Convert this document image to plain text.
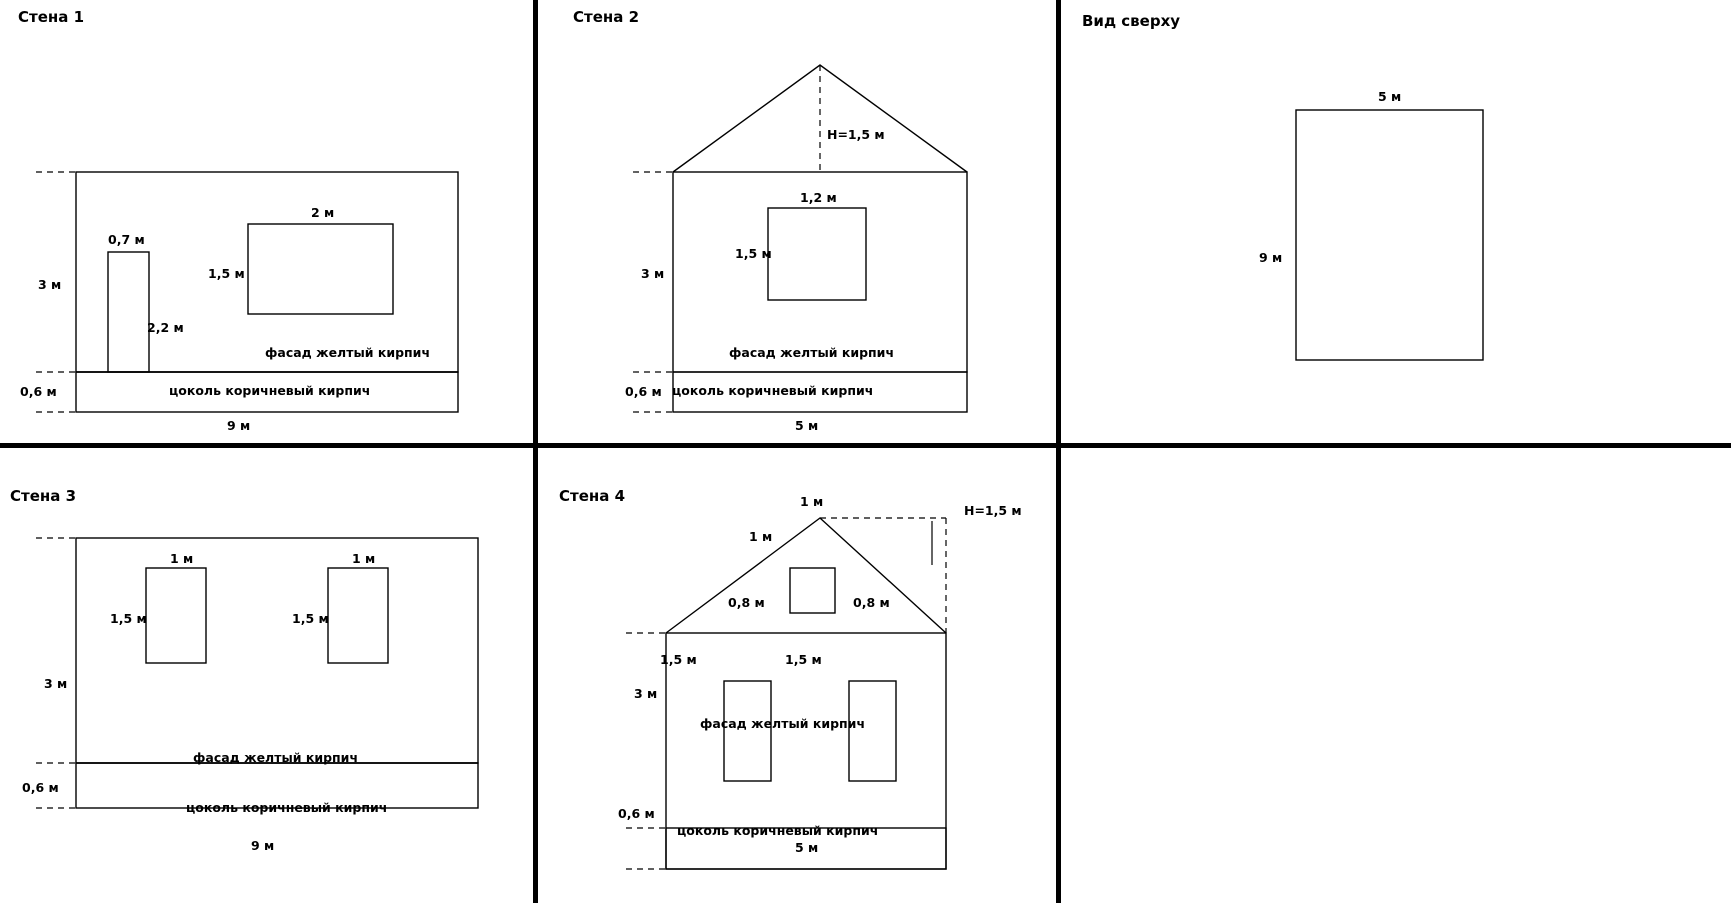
Стена 1	Стена 2	Вид сверху
Стена 3	Стена 4
3 м
0,6 м
9 м
0,7 м
2,2 м
2 м
1,5 м
фасад желтый кирпич
цоколь коричневый кирпич
3 м
0,6 м
5 м
H=1,5 м
1,2 м
1,5 м
фасад желтый кирпич
цоколь коричневый кирпич
5 м
9 м
3 м
0,6 м
9 м
1 м
1,5 м
1 м
1,5 м
фасад желтый кирпич
цоколь коричневый кирпич
3 м
0,6 м
5 м
H=1,5 м
1 м
1 м
0,8 м
1,5 м
0,8 м
1,5 м
фасад желтый кирпич
цоколь коричневый кирпич
